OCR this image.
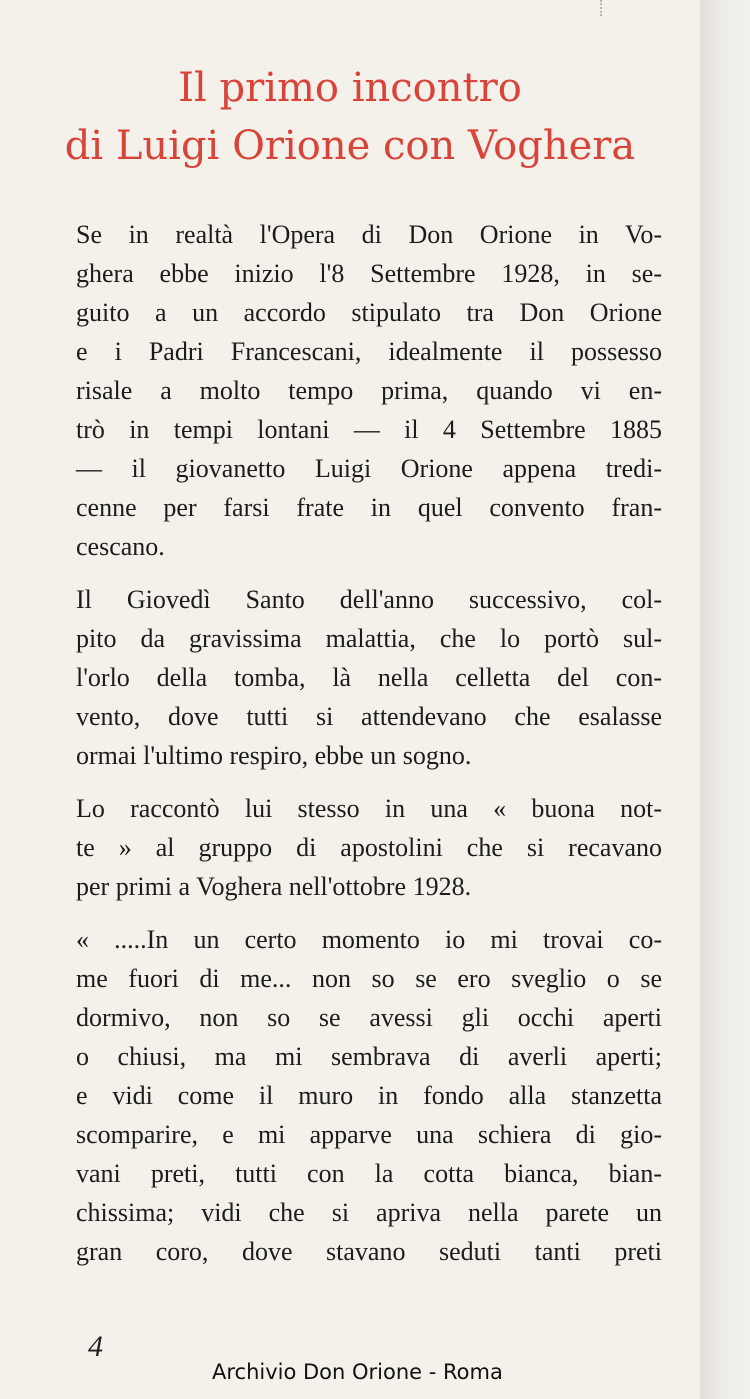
Il primo incontro
di Luigi Orione con Voghera
Se in realtà l'Opera di Don Orione in Vo-
ghera ebbe inizio l'8 Settembre 1928, in se-
guito a un accordo stipulato tra Don Orione
e i Padri Francescani, idealmente il possesso
risale a molto tempo prima, quando vi en-
trò in tempi lontani — il 4 Settembre 1885
— il giovanetto Luigi Orione appena tredi-
cenne per farsi frate in quel convento fran-
cescano.
Il Giovedì Santo dell'anno successivo, col-
pito da gravissima malattia, che lo portò sul-
l'orlo della tomba, là nella celletta del con-
vento, dove tutti si attendevano che esalasse
ormai l'ultimo respiro, ebbe un sogno.
Lo raccontò lui stesso in una « buona not-
te » al gruppo di apostolini che si recavano
per primi a Voghera nell'ottobre 1928.
« .....In un certo momento io mi trovai co-
me fuori di me... non so se ero sveglio o se
dormivo, non so se avessi gli occhi aperti
o chiusi, ma mi sembrava di averli aperti;
e vidi come il muro in fondo alla stanzetta
scomparire, e mi apparve una schiera di gio-
vani preti, tutti con la cotta bianca, bian-
chissima; vidi che si apriva nella parete un
gran coro, dove stavano seduti tanti preti

4

Archivio Don Orione - Roma
